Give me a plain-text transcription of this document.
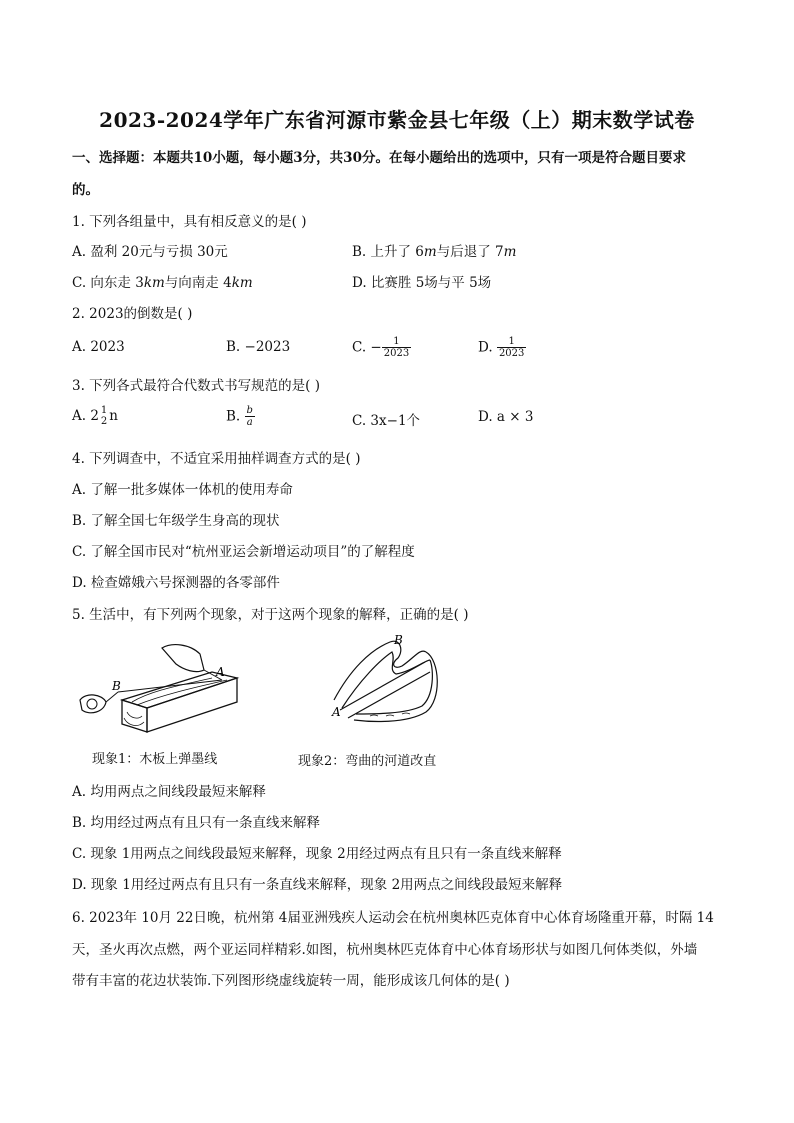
2023-2024学年广东省河源市紫金县七年级（上）期末数学试卷
一、选择题：本题共10小题，每小题3分，共30分。在每小题给出的选项中，只有一项是符合题目要求
的。
1. 下列各组量中，具有相反意义的是( )
A. 盈利 20元与亏损 30元	B. 上升了 6m与后退了 7m
C. 向东走 3km与向南走 4km	D. 比赛胜 5场与平 5场
2. 2023的倒数是( )
A. 2023	B. −2023	C. − $\frac{1}{2023}$	D. $\frac{1}{2023}$
3. 下列各式最符合代数式书写规范的是( )
A. 2 1
2 n	B. $\frac{b}{a}$	C. 3x−1个	D. a × 3
4. 下列调查中，不适宜采用抽样调查方式的是( )
A. 了解一批多媒体一体机的使用寿命
B. 了解全国七年级学生身高的现状
C. 了解全国市民对“杭州亚运会新增运动项目”的了解程度
D. 检查嫦娥六号探测器的各零部件
5. 生活中，有下列两个现象，对于这两个现象的解释，正确的是( )
A
B
现象1：木板上弹墨线
B
A
现象2：弯曲的河道改直
A. 均用两点之间线段最短来解释
B. 均用经过两点有且只有一条直线来解释
C. 现象 1用两点之间线段最短来解释，现象 2用经过两点有且只有一条直线来解释
D. 现象 1用经过两点有且只有一条直线来解释，现象 2用两点之间线段最短来解释
6. 2023年 10月 22日晚，杭州第 4届亚洲残疾人运动会在杭州奥林匹克体育中心体育场隆重开幕，时隔 14
天，圣火再次点燃，两个亚运同样精彩.如图，杭州奥林匹克体育中心体育场形状与如图几何体类似，外墙
带有丰富的花边状装饰.下列图形绕虚线旋转一周，能形成该几何体的是( )
